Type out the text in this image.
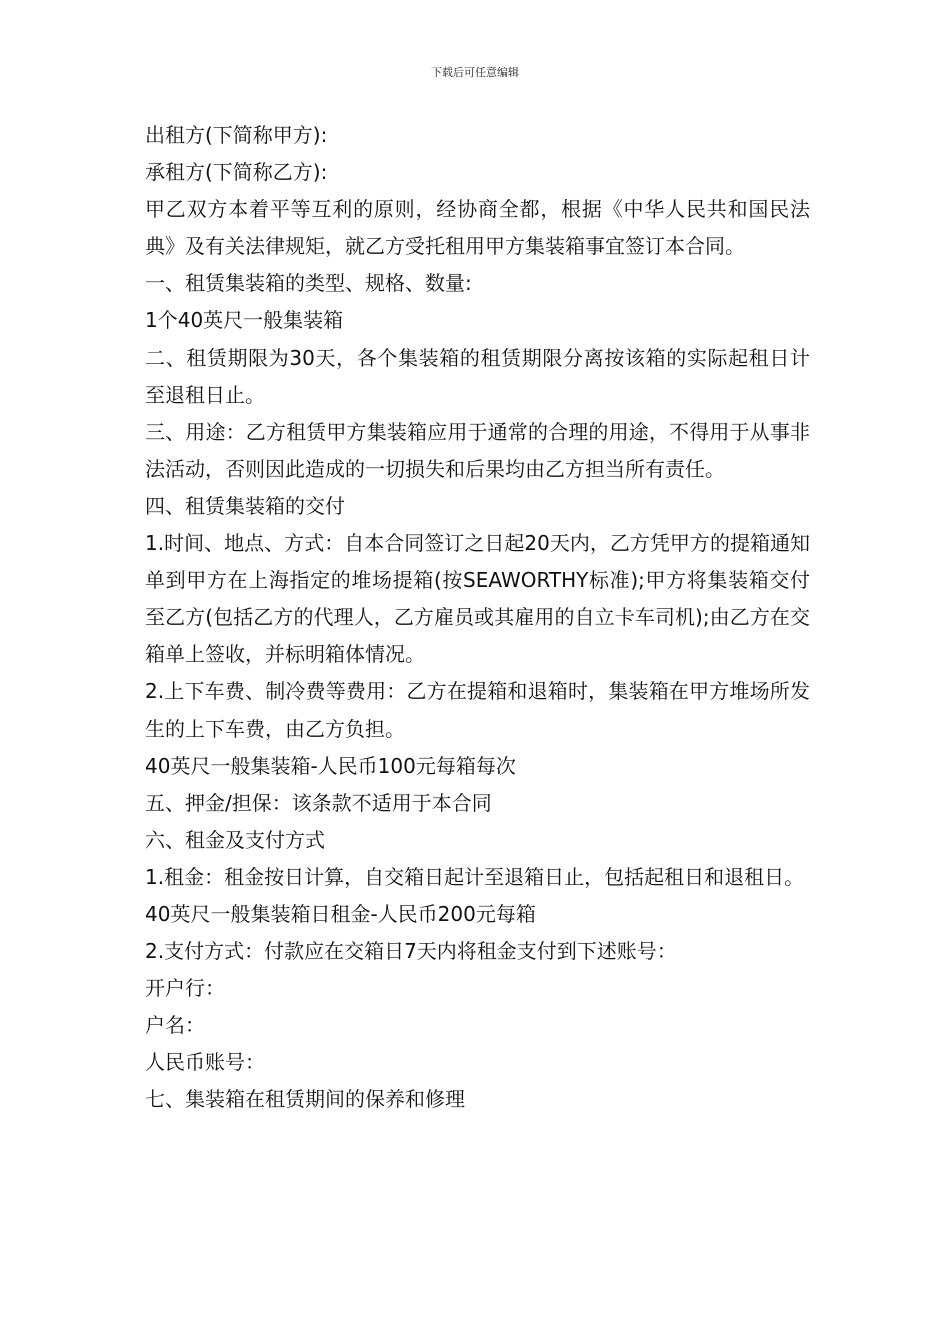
下载后可任意编辑

出租方(下简称甲方):

承租方(下简称乙方):

甲乙双方本着平等互利的原则，经协商全都，根据《中华人民共和国民法典》及有关法律规矩，就乙方受托租用甲方集装箱事宜签订本合同。

一、租赁集装箱的类型、规格、数量:

1个40英尺一般集装箱

二、租赁期限为30天，各个集装箱的租赁期限分离按该箱的实际起租日计至退租日止。

三、用途：乙方租赁甲方集装箱应用于通常的合理的用途，不得用于从事非法活动，否则因此造成的一切损失和后果均由乙方担当所有责任。

四、租赁集装箱的交付

1.时间、地点、方式：自本合同签订之日起20天内，乙方凭甲方的提箱通知单到甲方在上海指定的堆场提箱(按SEAWORTHY标准);甲方将集装箱交付至乙方(包括乙方的代理人，乙方雇员或其雇用的自立卡车司机);由乙方在交箱单上签收，并标明箱体情况。

2.上下车费、制冷费等费用：乙方在提箱和退箱时，集装箱在甲方堆场所发生的上下车费，由乙方负担。

40英尺一般集装箱-人民币100元每箱每次

五、押金/担保：该条款不适用于本合同

六、租金及支付方式

1.租金：租金按日计算，自交箱日起计至退箱日止，包括起租日和退租日。

40英尺一般集装箱日租金-人民币200元每箱

2.支付方式：付款应在交箱日7天内将租金支付到下述账号：

开户行：

户名：

人民币账号：

七、集装箱在租赁期间的保养和修理
